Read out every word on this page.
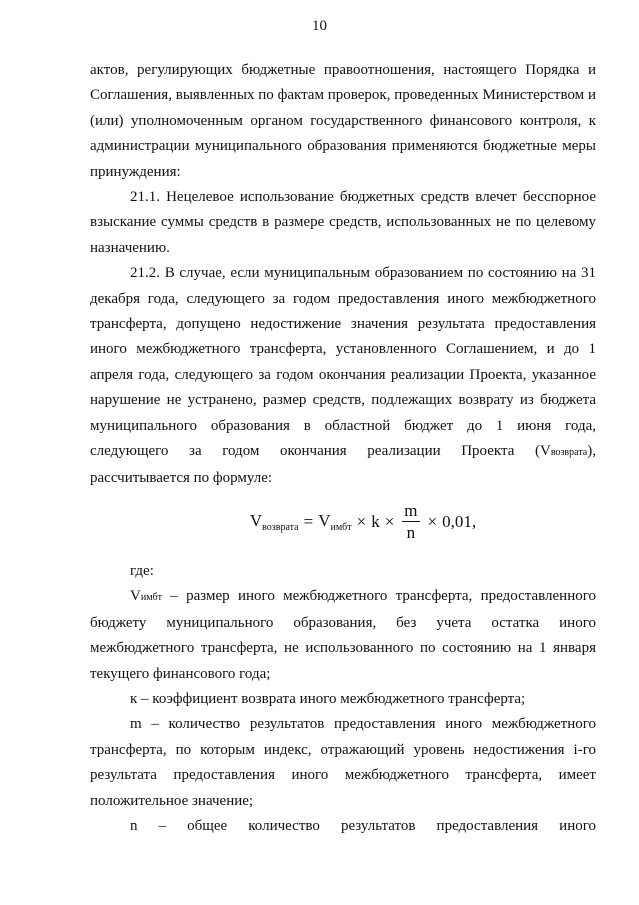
10

актов, регулирующих бюджетные правоотношения, настоящего Порядка и Соглашения, выявленных по фактам проверок, проведенных Министерством и (или) уполномоченным органом государственного финансового контроля, к администрации муниципального образования применяются бюджетные меры принуждения:

21.1. Нецелевое использование бюджетных средств влечет бесспорное взыскание суммы средств в размере средств, использованных не по целевому назначению.

21.2. В случае, если муниципальным образованием по состоянию на 31 декабря года, следующего за годом предоставления иного межбюджетного трансферта, допущено недостижение значения результата предоставления иного межбюджетного трансферта, установленного Соглашением, и до 1 апреля года, следующего за годом окончания реализации Проекта, указанное нарушение не устранено, размер средств, подлежащих возврату из бюджета муниципального образования в областной бюджет до 1 июня года, следующего за годом окончания реализации Проекта (Vвозврата), рассчитывается по формуле:

$V_{возврата} = V_{имбт} \times k \times \frac{m}{n} \times 0,01$,

где:

Vимбт – размер иного межбюджетного трансферта, предоставленного бюджету муниципального образования, без учета остатка иного межбюджетного трансферта, не использованного по состоянию на 1 января текущего финансового года;

к – коэффициент возврата иного межбюджетного трансферта;

m – количество результатов предоставления иного межбюджетного трансферта, по которым индекс, отражающий уровень недостижения i-го результата предоставления иного межбюджетного трансферта, имеет положительное значение;

n – общее количество результатов предоставления иного
